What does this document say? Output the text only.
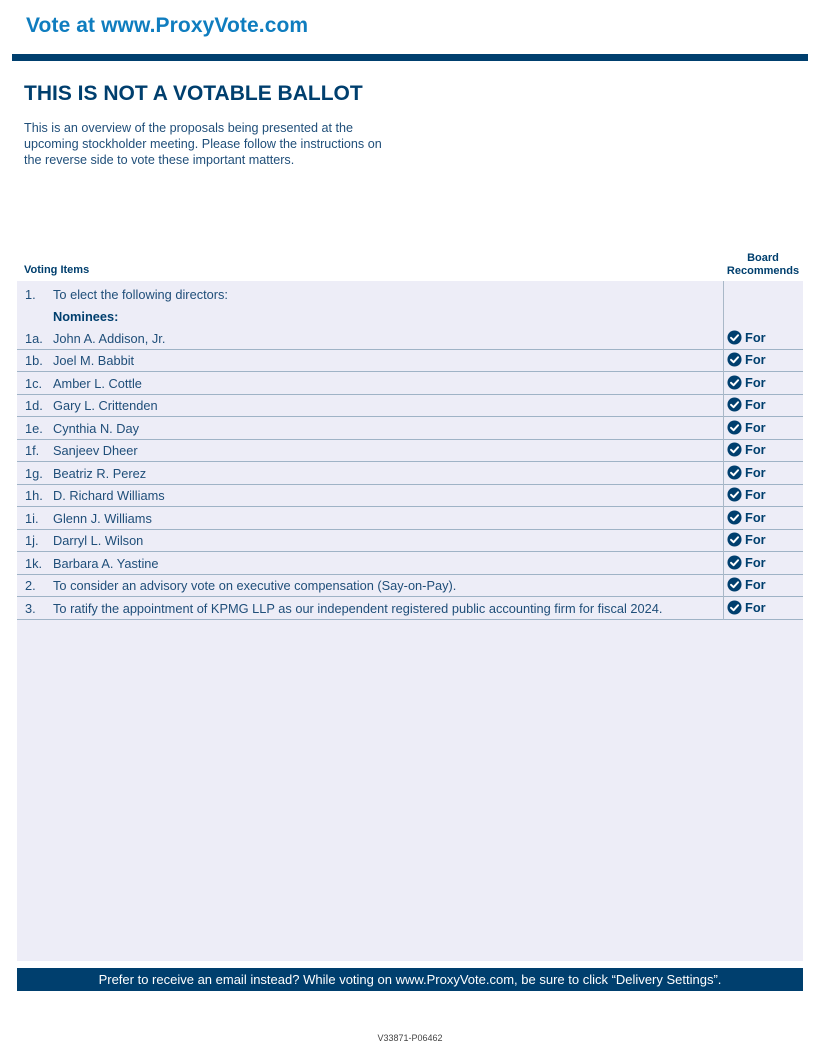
Vote at www.ProxyVote.com
THIS IS NOT A VOTABLE BALLOT
This is an overview of the proposals being presented at the
upcoming stockholder meeting. Please follow the instructions on
the reverse side to vote these important matters.
Voting Items
Board
Recommends
1. To elect the following directors:
Nominees:
1a. John A. Addison, Jr.	For
1b. Joel M. Babbit	For
1c. Amber L. Cottle	For
1d. Gary L. Crittenden	For
1e. Cynthia N. Day	For
1f. Sanjeev Dheer	For
1g. Beatriz R. Perez	For
1h. D. Richard Williams	For
1i. Glenn J. Williams	For
1j. Darryl L. Wilson	For
1k. Barbara A. Yastine	For
2. To consider an advisory vote on executive compensation (Say-on-Pay).	For
3. To ratify the appointment of KPMG LLP as our independent registered public accounting firm for fiscal 2024.	For
Prefer to receive an email instead? While voting on www.ProxyVote.com, be sure to click “Delivery Settings”.
V33871-P06462
